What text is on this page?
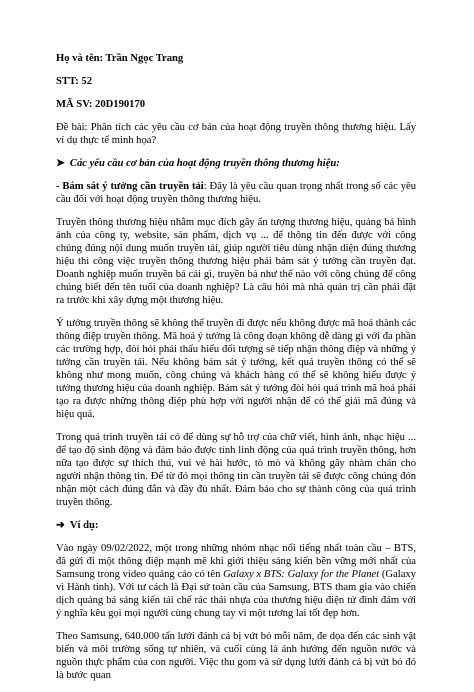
Họ và tên: Trần Ngọc Trang

STT: 52

MÃ SV: 20D190170

Đề bài: Phân tích các yêu cầu cơ bản của hoạt động truyền thông thương hiệu. Lấy ví dụ thực tế minh họa?

➤ Các yếu cầu cơ bản của hoạt động truyền thông thương hiệu:

- Bám sát ý tưởng cần truyền tải: Đây là yêu cầu quan trọng nhất trong số các yêu cầu đối với hoạt động truyền thông thương hiệu.

Truyền thông thương hiệu nhằm mục đích gây ấn tượng thương hiệu, quảng bá hình ảnh của công ty, website, sản phẩm, dịch vụ ... để thông tin đến được với công chúng đúng nội dung muốn truyền tải, giúp người tiêu dùng nhận diện đúng thương hiệu thì công việc truyền thông thương hiệu phải bám sát ý tưởng cần truyền đạt. Doanh nghiệp muốn truyền bá cái gì, truyền bá như thế nào với công chúng để công chúng biết đến tên tuổi của doanh nghiệp? Là câu hỏi mà nhà quản trị cần phải đặt ra trước khi xây dựng một thương hiệu.

Ý tưởng truyền thông sẽ không thể truyền đi được nếu không được mã hoá thành các thông điệp truyền thông. Mã hoá ý tưởng là công đoạn không dễ dàng gì với đa phần các trường hợp, đòi hỏi phải thấu hiểu đối tượng sẽ tiếp nhận thông điệp và những ý tưởng cần truyền tải. Nếu không bám sát ý tưởng, kết quả truyền thông có thể sẽ không như mong muốn, công chúng và khách hàng có thể sẽ không hiểu được ý tưởng thương hiệu của doanh nghiệp. Bám sát ý tưởng đòi hỏi quá trình mã hoá phải tạo ra được những thông điệp phù hợp với người nhận để có thể giải mã đúng và hiệu quả.

Trong quá trình truyền tải có để dùng sự hỗ trợ của chữ viết, hình ảnh, nhạc hiệu ... để tạo độ sinh động và đảm bảo được tính linh động của quá trình truyền thông, hơn nữa tạo được sự thích thú, vui vẻ hài hước, tò mò và không gây nhàm chán cho người nhận thông tin. Để từ đó mọi thông tin cần truyền tải sẽ được công chúng đón nhận một cách đúng đắn và đầy đủ nhất. Đảm bảo cho sự thành công của quá trình truyền thông.

➜ Ví dụ:

Vào ngày 09/02/2022, một trong những nhóm nhạc nổi tiếng nhất toàn cầu – BTS, đã gửi đi một thông điệp mạnh mẽ khi giới thiệu sáng kiến bền vững mới nhất của Samsung trong video quảng cáo có tên Galaxy x BTS: Galaxy for the Planet (Galaxy vì Hành tinh). Với tư cách là Đại sứ toàn cầu của Samsung, BTS tham gia vào chiến dịch quảng bá sáng kiến tái chế rác thải nhựa của thương hiệu điện tử đình đám với ý nghĩa kêu gọi mọi người cùng chung tay vì một tương lai tốt đẹp hơn.

Theo Samsung, 640.000 tấn lưới đánh cá bị vứt bỏ mỗi năm, đe dọa đến các sinh vật biển và môi trường sống tự nhiên, và cuối cùng là ảnh hưởng đến nguồn nước và nguồn thực phẩm của con người. Việc thu gom và sử dụng lưới đánh cá bị vứt bỏ đó là bước quan
